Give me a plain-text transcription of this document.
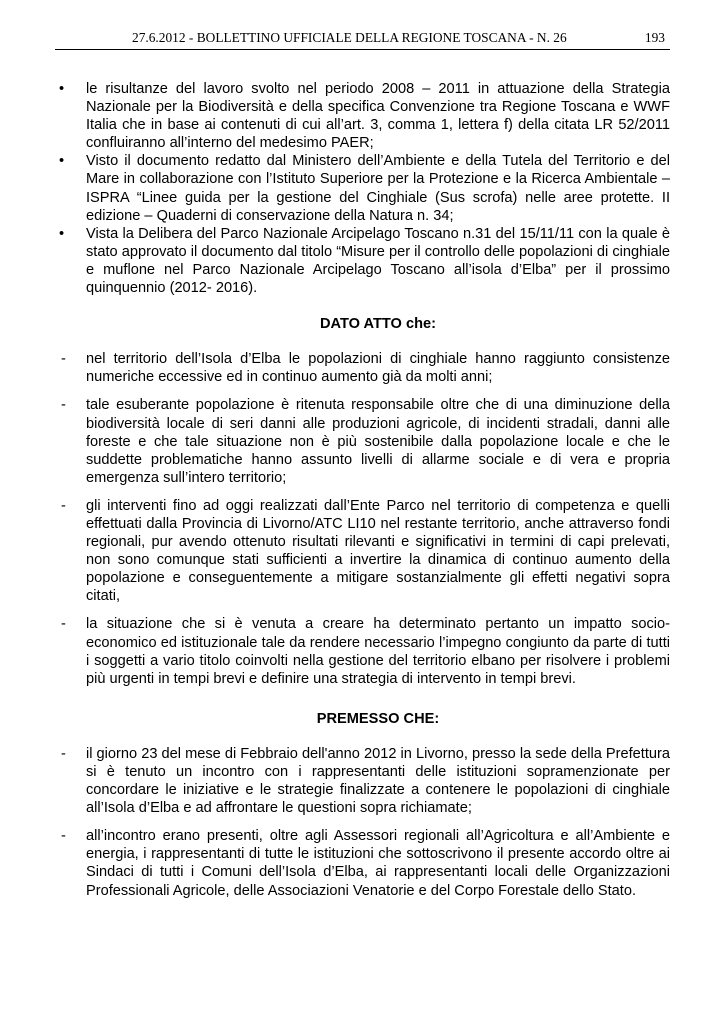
27.6.2012 - BOLLETTINO UFFICIALE DELLA REGIONE TOSCANA - N. 26	193
•	le risultanze del lavoro svolto nel periodo 2008 – 2011 in attuazione della Strategia Nazionale per la Biodiversità e della specifica Convenzione tra Regione Toscana e WWF Italia che in base ai contenuti di cui all’art. 3, comma 1, lettera f) della citata LR 52/2011 confluiranno all’interno del medesimo PAER;
•	Visto il documento redatto dal Ministero dell’Ambiente e della Tutela del Territorio e del Mare in collaborazione con l’Istituto Superiore per la Protezione e la Ricerca Ambientale – ISPRA “Linee guida per la gestione del Cinghiale (Sus scrofa) nelle aree protette. II edizione – Quaderni di conservazione della Natura n. 34;
•	Vista la Delibera del Parco Nazionale Arcipelago Toscano n.31 del 15/11/11 con la quale è stato approvato il documento dal titolo “Misure per il controllo delle popolazioni di cinghiale e muflone nel Parco Nazionale Arcipelago Toscano all’isola d’Elba” per il prossimo quinquennio (2012- 2016).
DATO ATTO che:
-	nel territorio dell’Isola d’Elba le popolazioni di cinghiale hanno raggiunto consistenze numeriche eccessive ed in continuo aumento già da molti anni;
-	tale esuberante popolazione è ritenuta responsabile oltre che di una diminuzione della biodiversità locale di seri danni alle produzioni agricole, di incidenti stradali, danni alle foreste e che tale situazione non è più sostenibile dalla popolazione locale e che le suddette problematiche hanno assunto livelli di allarme sociale e di vera e propria emergenza sull’intero territorio;
-	gli interventi fino ad oggi realizzati dall’Ente Parco nel territorio di competenza e quelli effettuati dalla Provincia di Livorno/ATC LI10 nel restante territorio, anche attraverso fondi regionali, pur avendo ottenuto risultati rilevanti e significativi in termini di capi prelevati, non sono comunque stati sufficienti a invertire la dinamica di continuo aumento della popolazione e conseguentemente a mitigare sostanzialmente gli effetti negativi sopra citati,
-	la situazione che si è venuta a creare ha determinato pertanto un impatto socio-economico ed istituzionale tale da rendere necessario l’impegno congiunto da parte di tutti i soggetti a vario titolo coinvolti nella gestione del territorio elbano per risolvere i problemi più urgenti in tempi brevi e definire una strategia di intervento in tempi brevi.
PREMESSO CHE:
-	il giorno 23 del mese di Febbraio dell'anno 2012 in Livorno, presso la sede della Prefettura si è tenuto un incontro con i rappresentanti delle istituzioni sopramenzionate per concordare le iniziative e le strategie finalizzate a contenere le popolazioni di cinghiale all’Isola d’Elba e ad affrontare le questioni sopra richiamate;
-	all’incontro erano presenti, oltre agli Assessori regionali all’Agricoltura e all’Ambiente e energia, i rappresentanti di tutte le istituzioni che sottoscrivono il presente accordo oltre ai Sindaci di tutti i Comuni dell’Isola d’Elba, ai rappresentanti locali delle Organizzazioni Professionali Agricole, delle Associazioni Venatorie e del Corpo Forestale dello Stato.
